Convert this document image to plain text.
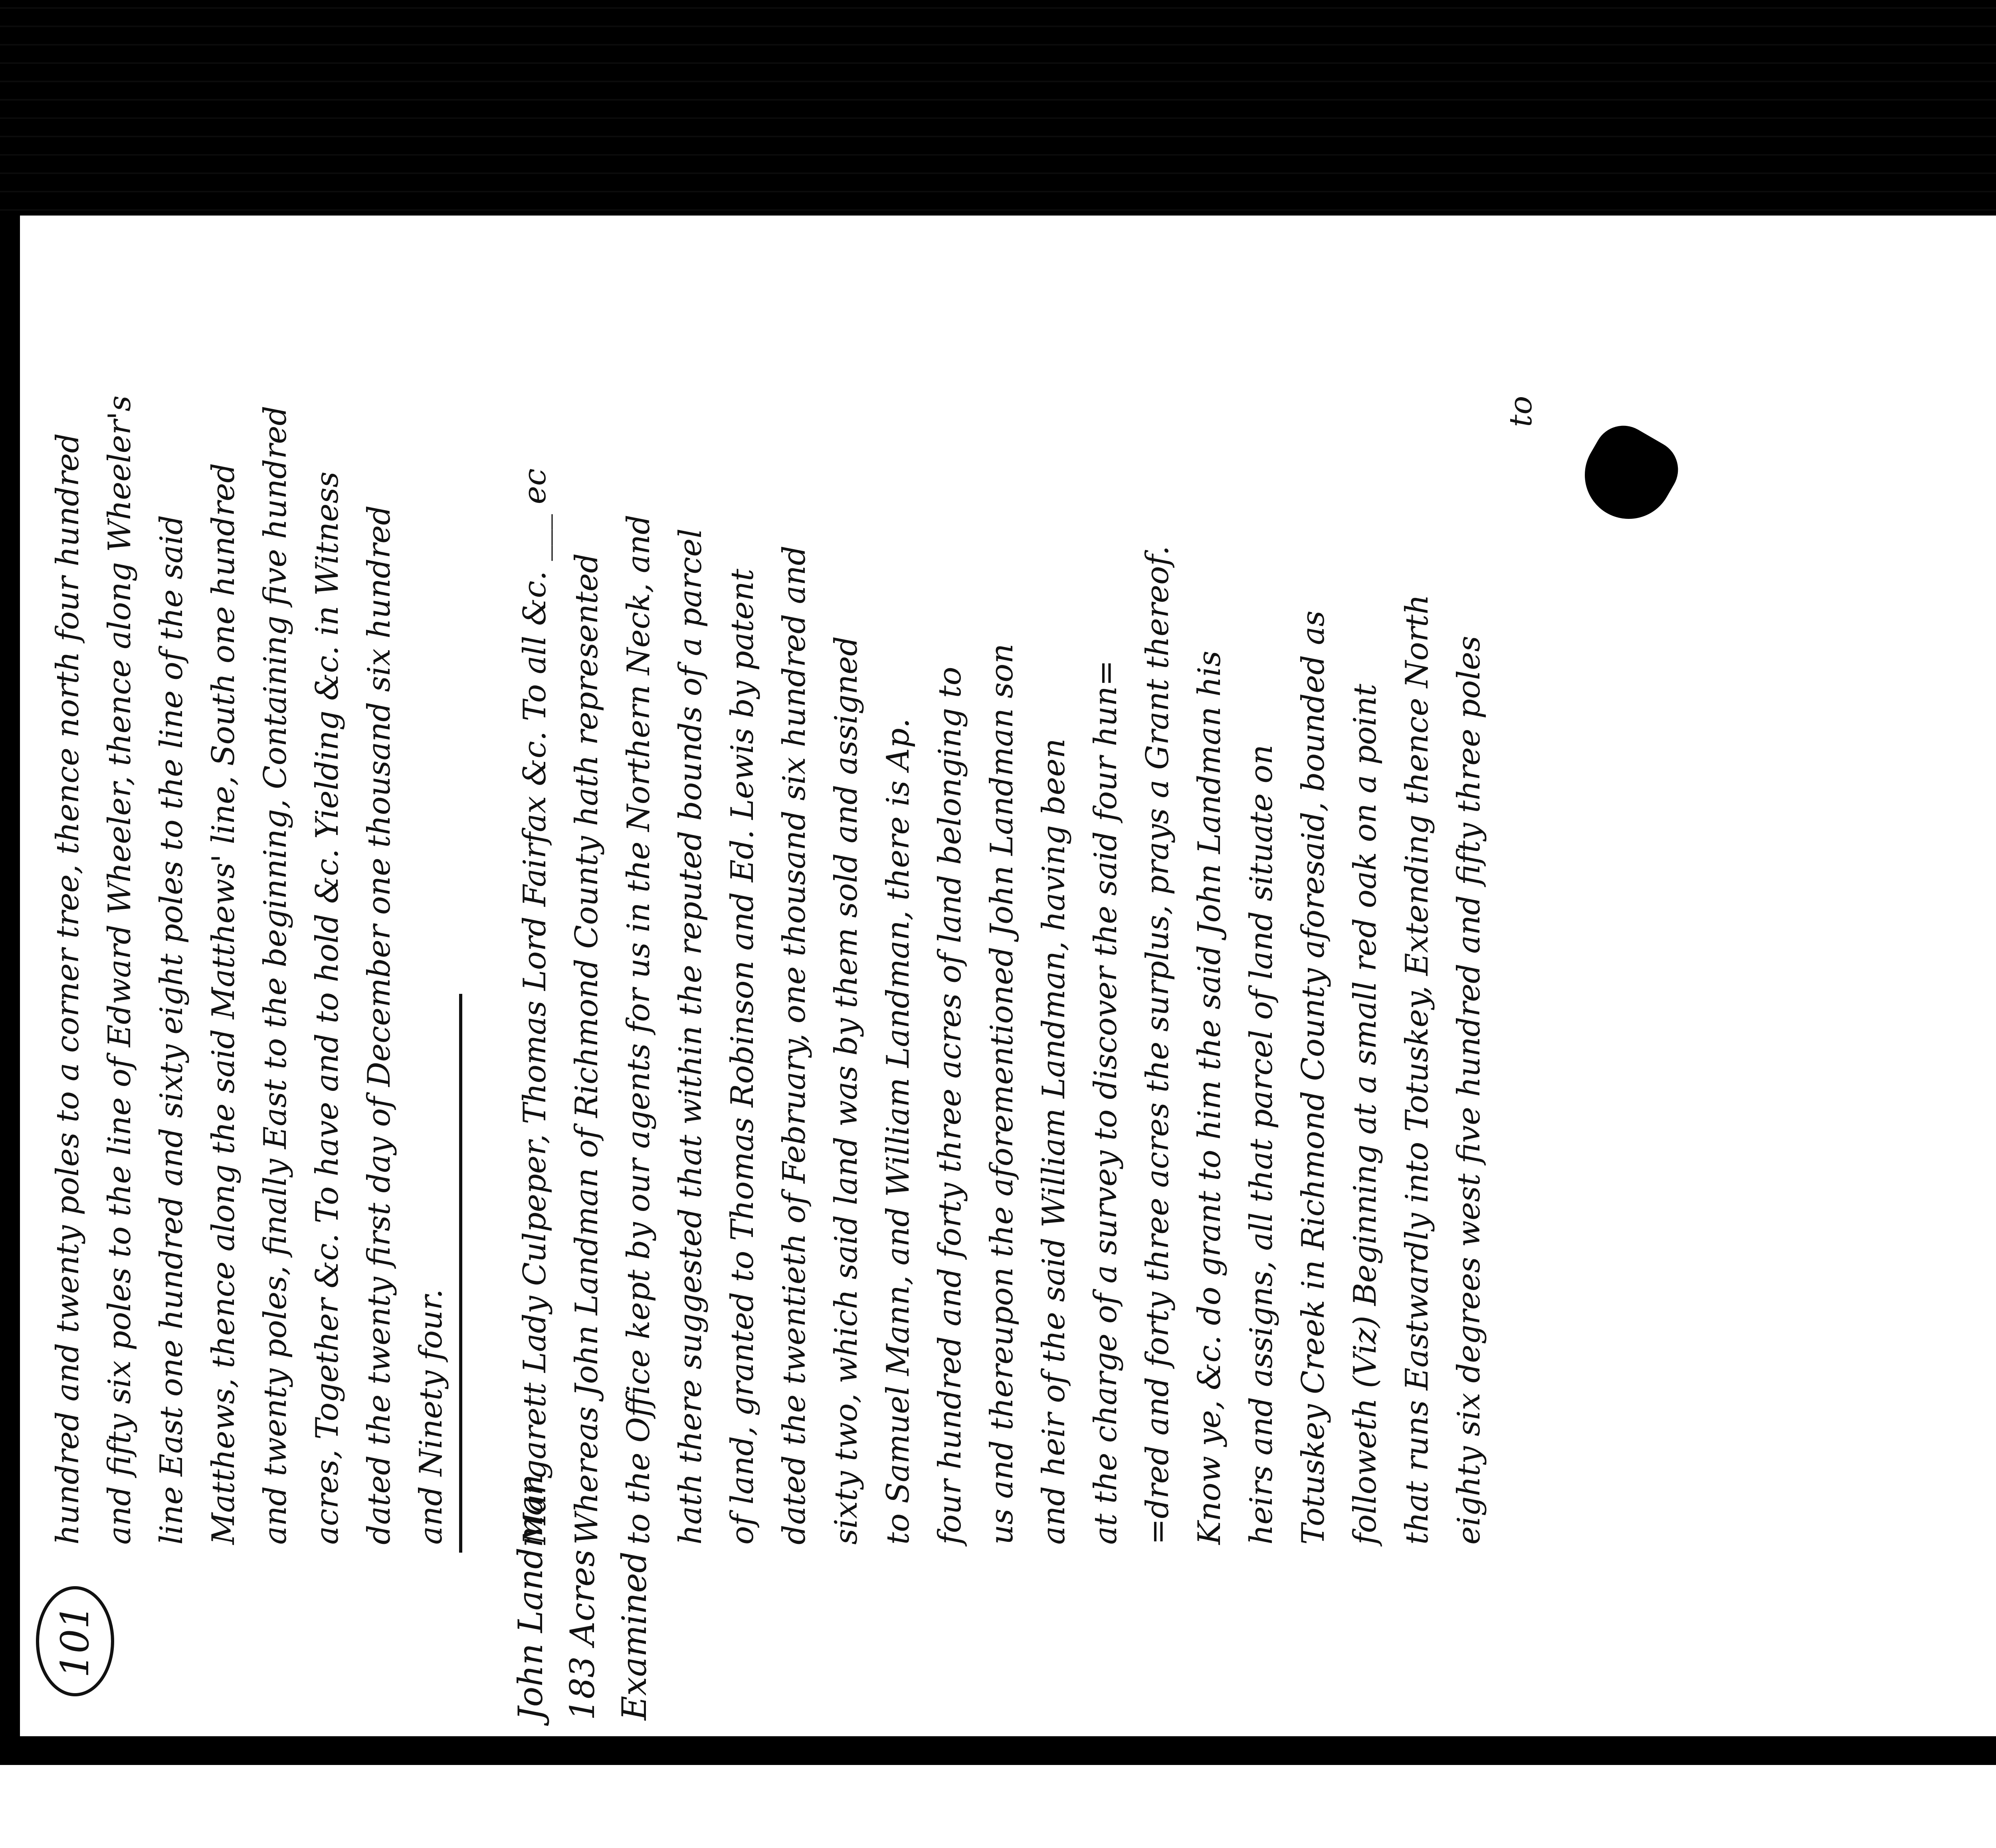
101
hundred and twenty poles to a corner tree, thence north four hundred and fifty six poles to the line of Edward Wheeler, thence along Wheeler's line East one hundred and sixty eight poles to the line of the said Matthews, thence along the said Matthews' line, South one hundred and twenty poles, finally East to the beginning, Containing five hundred acres, Together &c. To have and to hold &c. Yielding &c. in Witness dated the twenty first day of December one thousand six hundred and Ninety four.
John Landman 183 Acres Examined
Margarett Lady Culpeper, Thomas Lord Fairfax &c. To all &c. ___ ec Whereas John Landman of Richmond County hath represented to the Office kept by our agents for us in the Northern Neck, and hath there suggested that within the reputed bounds of a parcel of land, granted to Thomas Robinson and Ed. Lewis by patent dated the twentieth of February, one thousand six hundred and sixty two, which said land was by them sold and assigned to Samuel Mann, and William Landman, there is Ap. four hundred and forty three acres of land belonging to us and thereupon the aforementioned John Landman son and heir of the said William Landman, having been at the charge of a survey to discover the said four hun= =dred and forty three acres the surplus, prays a Grant thereof. Know ye, &c. do grant to him the said John Landman his heirs and assigns, all that parcel of land situate on Totuskey Creek in Richmond County aforesaid, bounded as followeth (Viz) Beginning at a small red oak on a point that runs Eastwardly into Totuskey, Extending thence North eighty six degrees west five hundred and fifty three poles
to
